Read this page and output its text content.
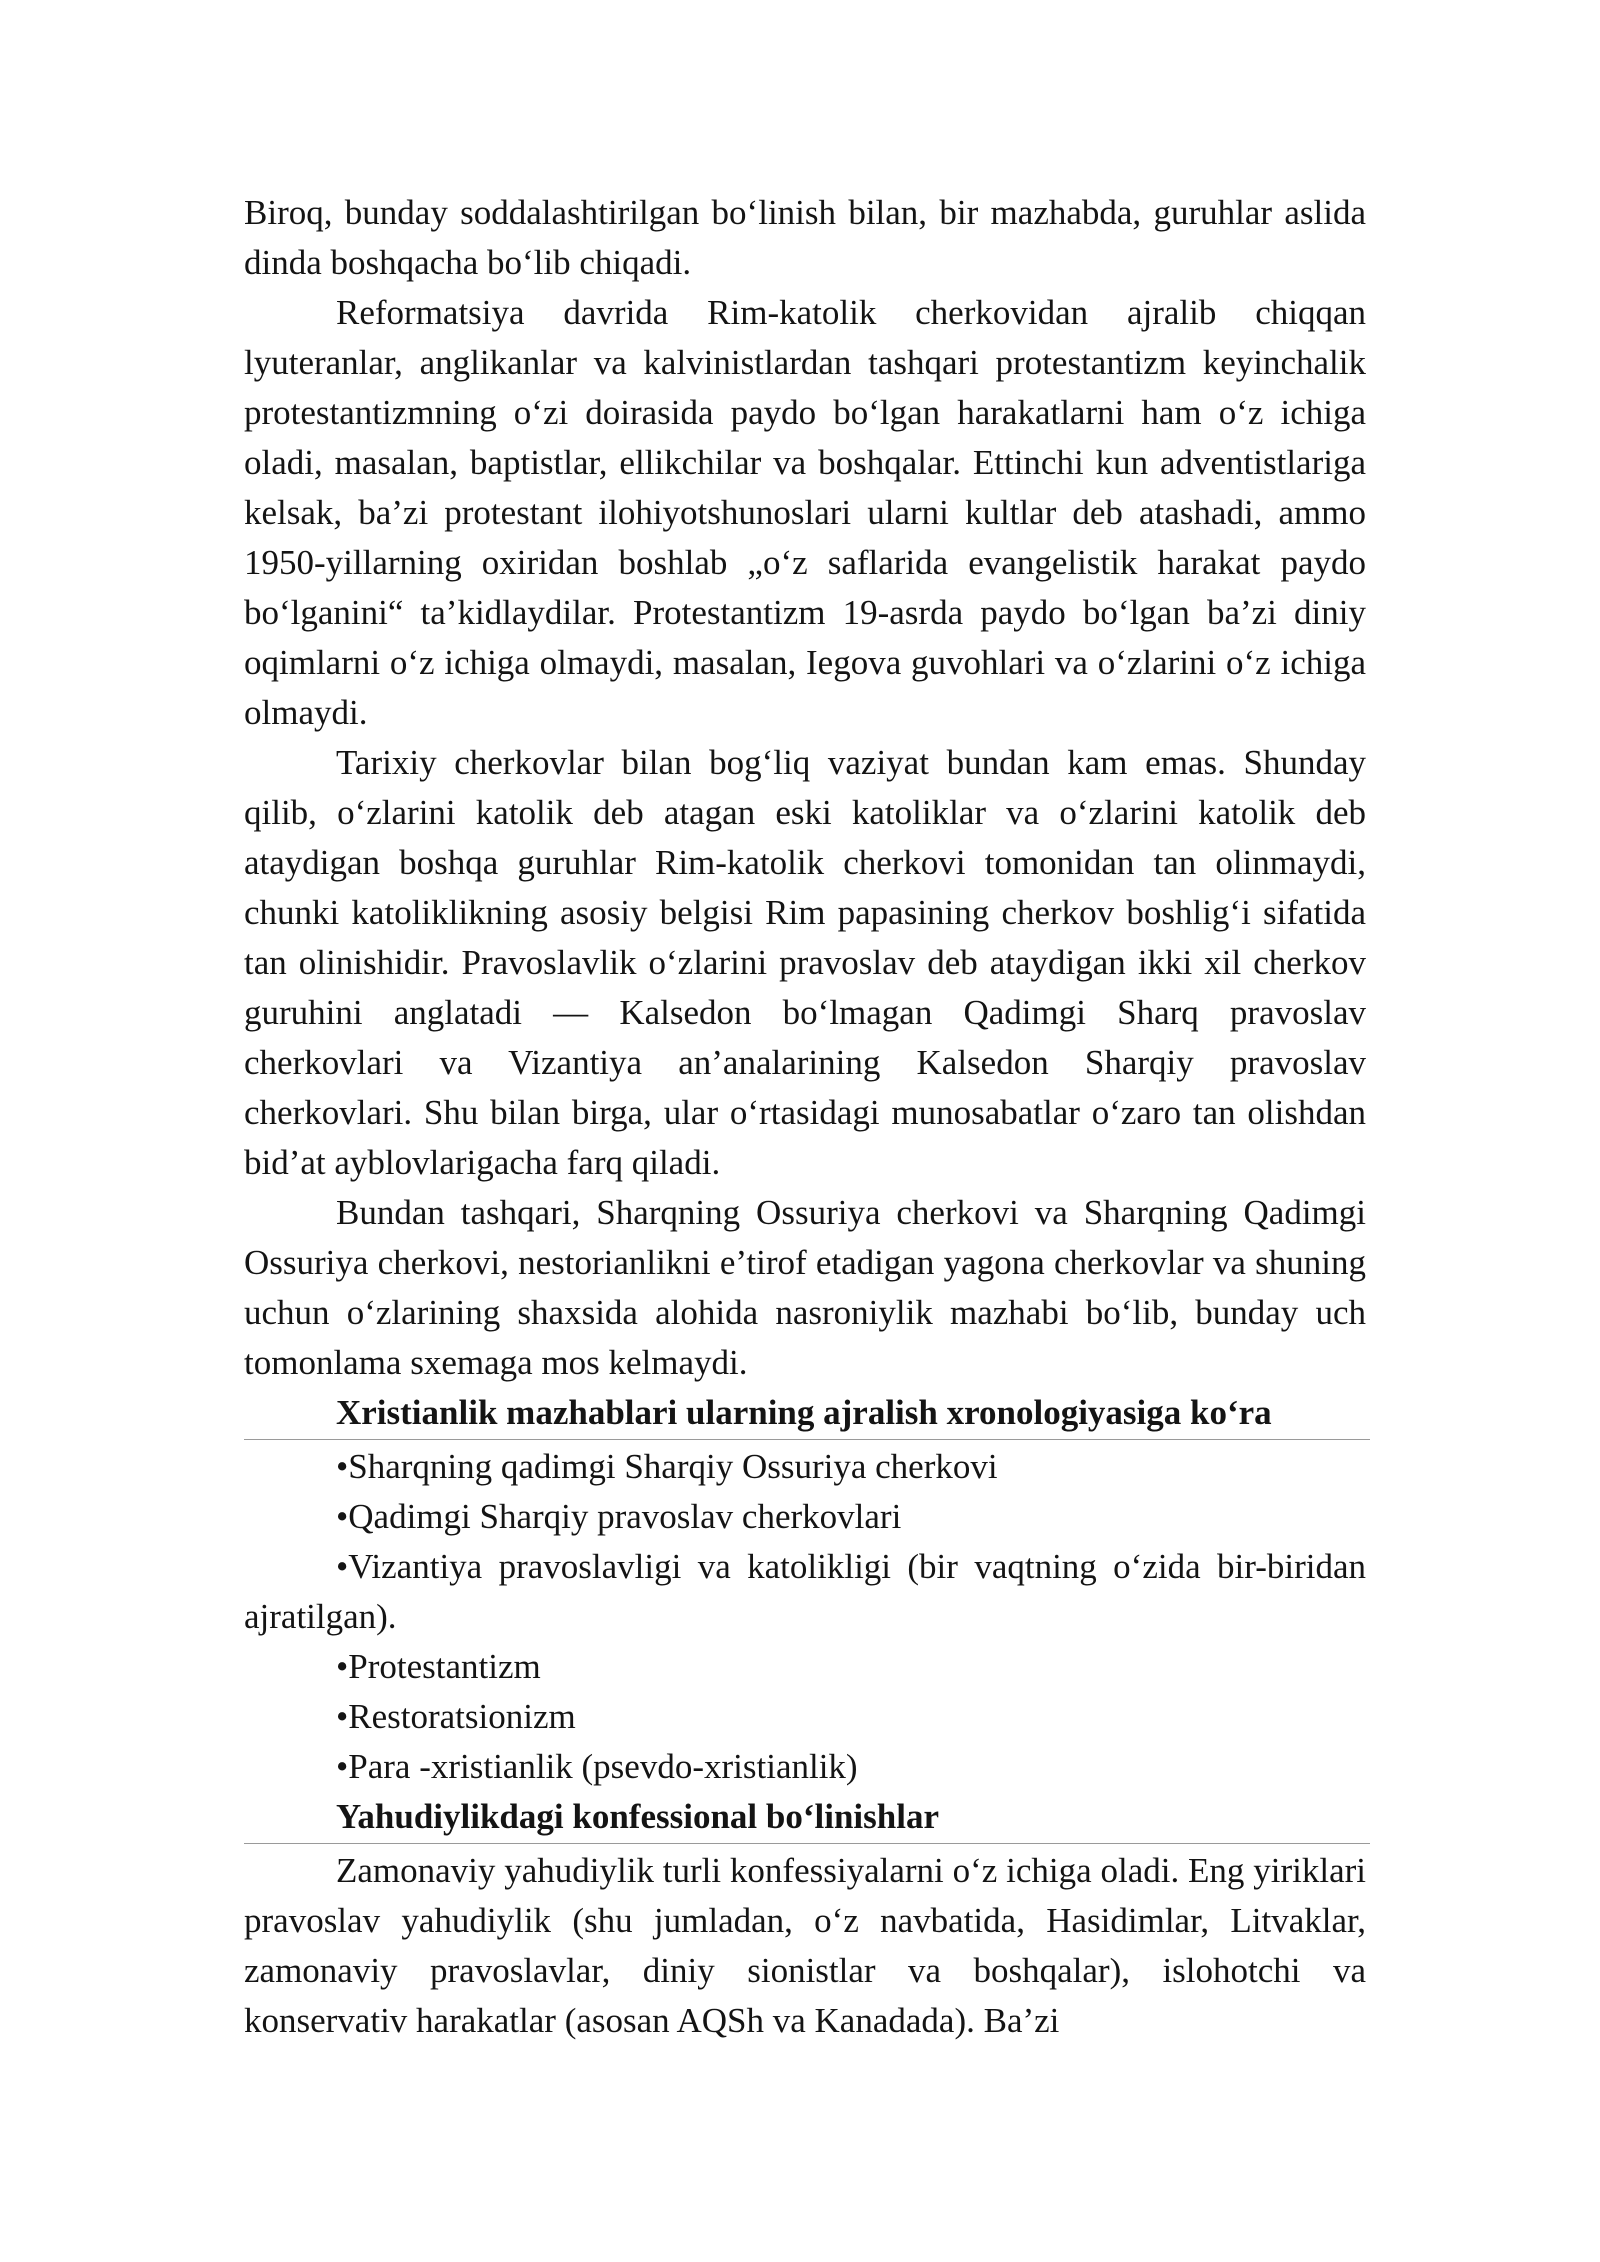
Biroq, bunday soddalashtirilgan bo‘linish bilan, bir mazhabda, guruhlar aslida dinda boshqacha bo‘lib chiqadi.

Reformatsiya davrida Rim-katolik cherkovidan ajralib chiqqan lyuteranlar, anglikanlar va kalvinistlardan tashqari protestantizm keyinchalik protestantizmning o‘zi doirasida paydo bo‘lgan harakatlarni ham o‘z ichiga oladi, masalan, baptistlar, ellikchilar va boshqalar. Ettinchi kun adventistlariga kelsak, ba’zi protestant ilohiyotshunoslari ularni kultlar deb atashadi, ammo 1950-yillarning oxiridan boshlab „o‘z saflarida evangelistik harakat paydo bo‘lganini“ ta’kidlaydilar. Protestantizm 19-asrda paydo bo‘lgan ba’zi diniy oqimlarni o‘z ichiga olmaydi, masalan, Iegova guvohlari va o‘zlarini o‘z ichiga olmaydi.

Tarixiy cherkovlar bilan bog‘liq vaziyat bundan kam emas. Shunday qilib, o‘zlarini katolik deb atagan eski katoliklar va o‘zlarini katolik deb ataydigan boshqa guruhlar Rim-katolik cherkovi tomonidan tan olinmaydi, chunki katoliklikning asosiy belgisi Rim papasining cherkov boshlig‘i sifatida tan olinishidir. Pravoslavlik o‘zlarini pravoslav deb ataydigan ikki xil cherkov guruhini anglatadi — Kalsedon bo‘lmagan Qadimgi Sharq pravoslav cherkovlari va Vizantiya an’analarining Kalsedon Sharqiy pravoslav cherkovlari. Shu bilan birga, ular o‘rtasidagi munosabatlar o‘zaro tan olishdan bid’at ayblovlarigacha farq qiladi.

Bundan tashqari, Sharqning Ossuriya cherkovi va Sharqning Qadimgi Ossuriya cherkovi, nestorianlikni e’tirof etadigan yagona cherkovlar va shuning uchun o‘zlarining shaxsida alohida nasroniylik mazhabi bo‘lib, bunday uch tomonlama sxemaga mos kelmaydi.

Xristianlik mazhablari ularning ajralish xronologiyasiga ko‘ra

•Sharqning qadimgi Sharqiy Ossuriya cherkovi

•Qadimgi Sharqiy pravoslav cherkovlari

•Vizantiya pravoslavligi va katolikligi (bir vaqtning o‘zida bir-biridan ajratilgan).

•Protestantizm

•Restoratsionizm

•Para -xristianlik (psevdo-xristianlik)

Yahudiylikdagi konfessional bo‘linishlar

Zamonaviy yahudiylik turli konfessiyalarni o‘z ichiga oladi. Eng yiriklari pravoslav yahudiylik (shu jumladan, o‘z navbatida, Hasidimlar, Litvaklar, zamonaviy pravoslavlar, diniy sionistlar va boshqalar), islohotchi va konservativ harakatlar (asosan AQSh va Kanadada). Ba’zi
